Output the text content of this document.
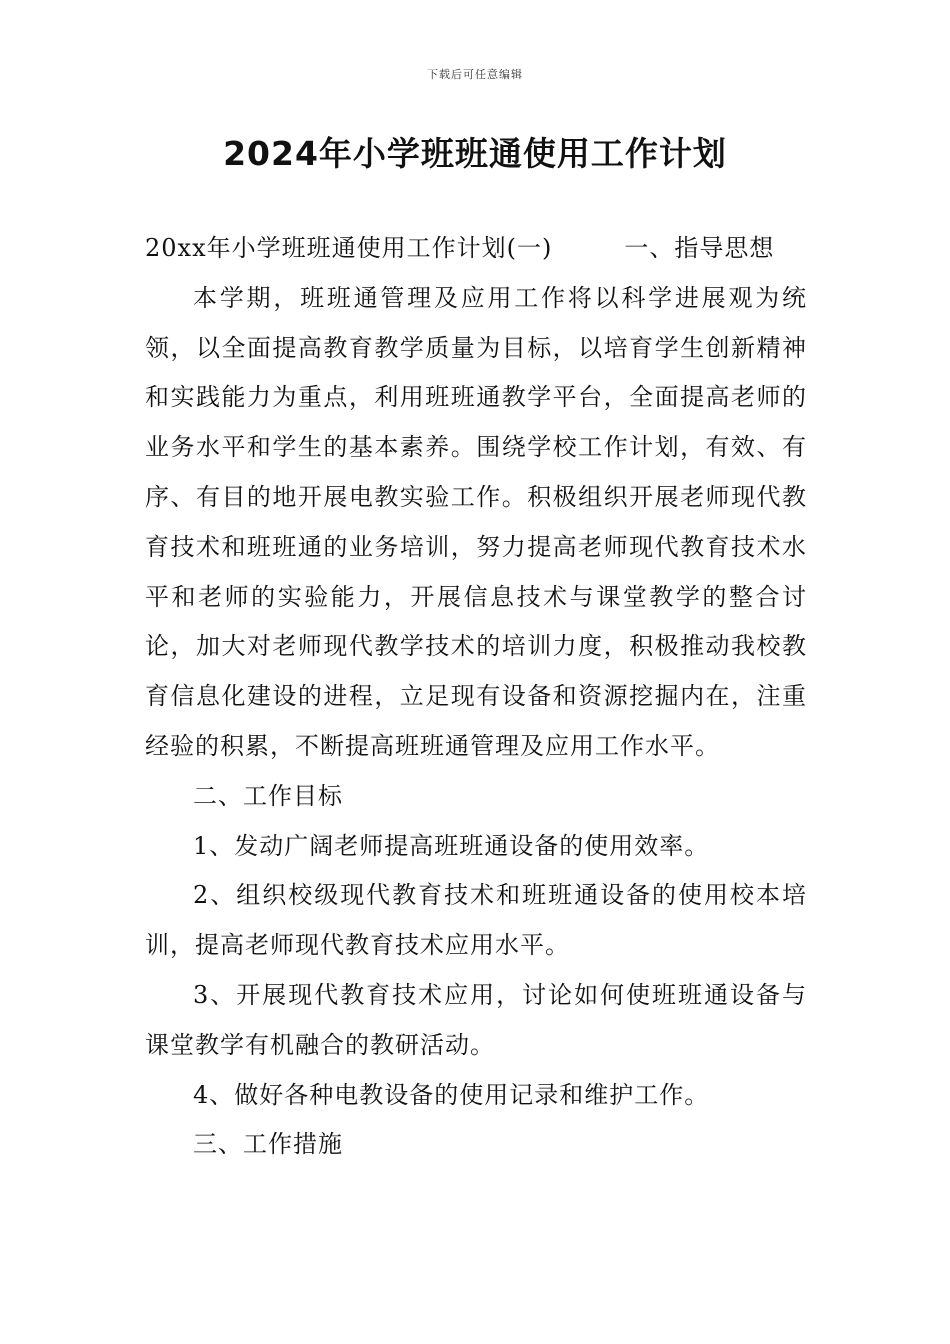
下载后可任意编辑
2024年小学班班通使用工作计划

20xx年小学班班通使用工作计划(一)	一、指导思想

本学期，班班通管理及应用工作将以科学进展观为统领，以全面提高教育教学质量为目标，以培育学生创新精神和实践能力为重点，利用班班通教学平台，全面提高老师的业务水平和学生的基本素养。围绕学校工作计划，有效、有序、有目的地开展电教实验工作。积极组织开展老师现代教育技术和班班通的业务培训，努力提高老师现代教育技术水平和老师的实验能力，开展信息技术与课堂教学的整合讨论，加大对老师现代教学技术的培训力度，积极推动我校教育信息化建设的进程，立足现有设备和资源挖掘内在，注重经验的积累，不断提高班班通管理及应用工作水平。

二、工作目标

1、发动广阔老师提高班班通设备的使用效率。

2、组织校级现代教育技术和班班通设备的使用校本培训，提高老师现代教育技术应用水平。

3、开展现代教育技术应用，讨论如何使班班通设备与课堂教学有机融合的教研活动。

4、做好各种电教设备的使用记录和维护工作。

三、工作措施
